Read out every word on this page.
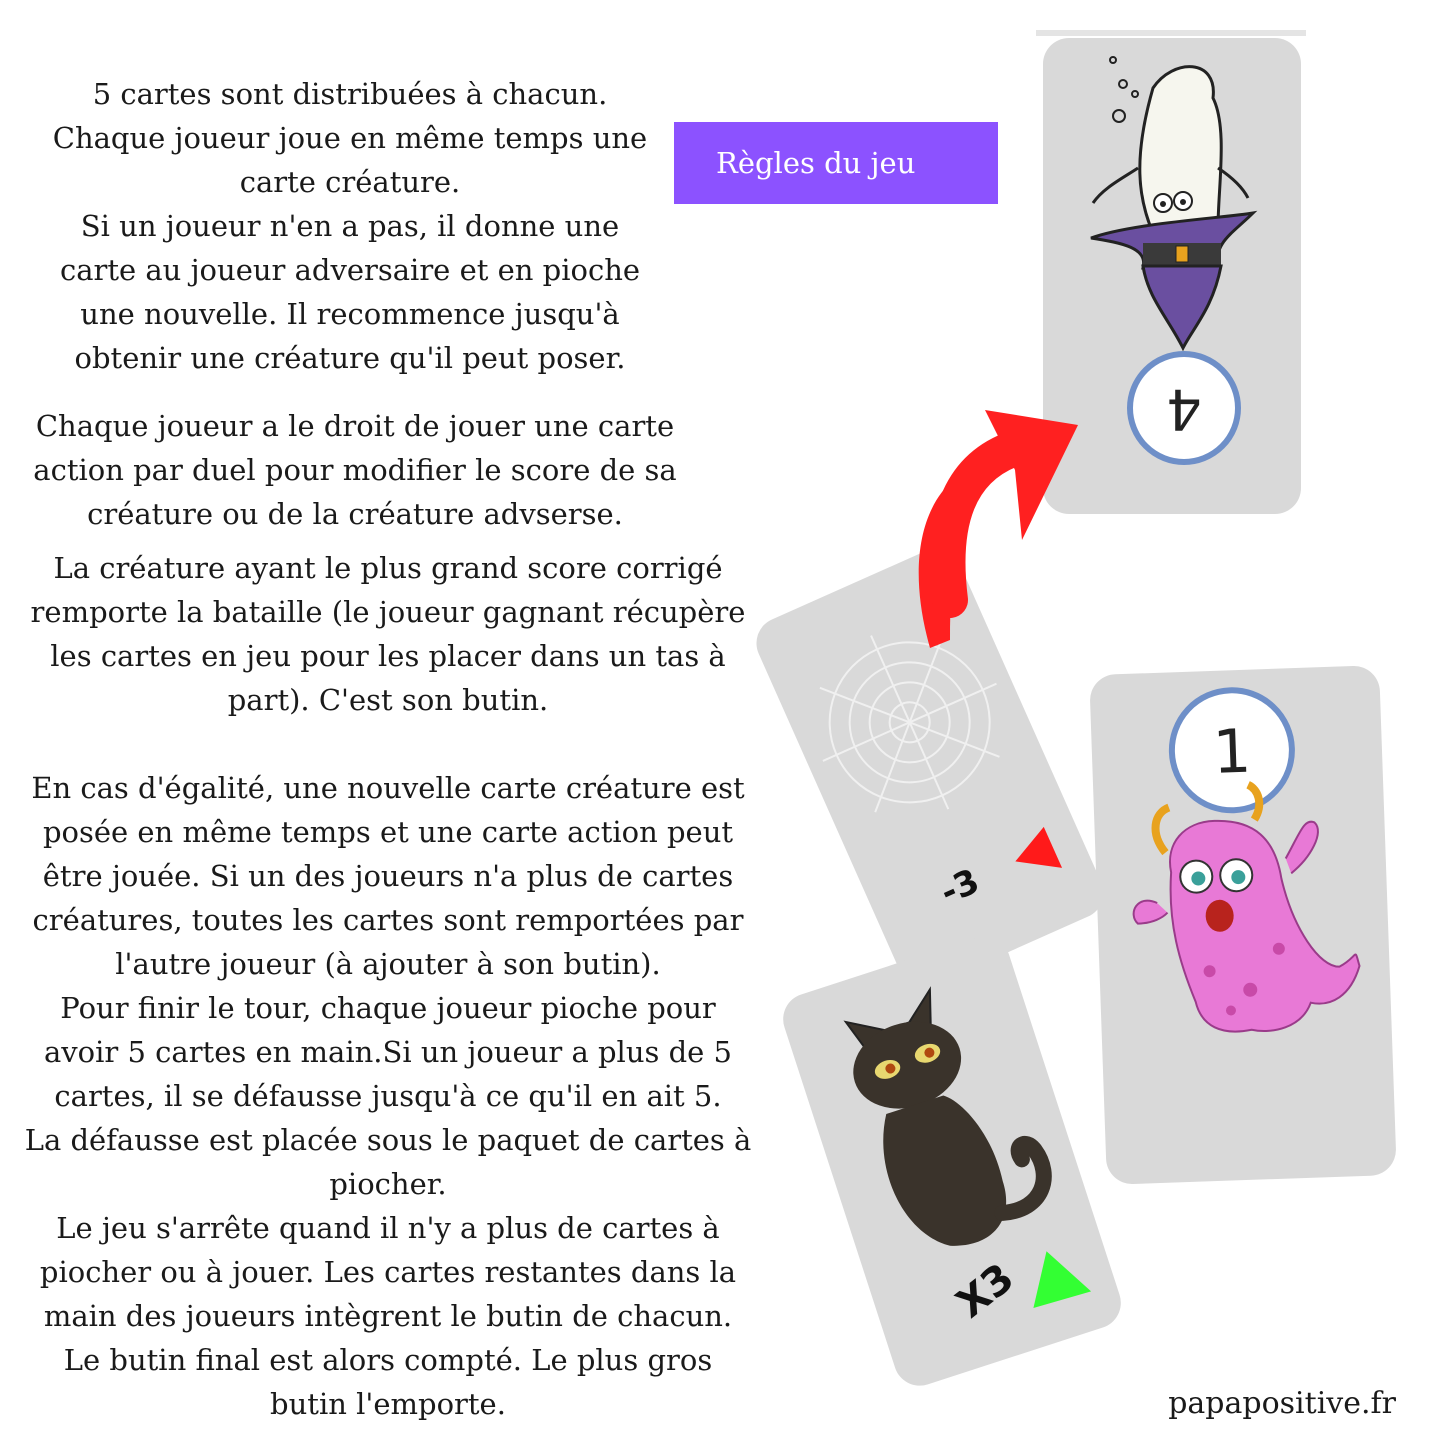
5 cartes sont distribuées à chacun.
Chaque joueur joue en même temps une
carte créature.
Si un joueur n'en a pas, il donne une
carte au joueur adversaire et en pioche
une nouvelle. Il recommence jusqu'à
obtenir une créature qu'il peut poser.

Chaque joueur a le droit de jouer une carte
action par duel pour modifier le score de sa
créature ou de la créature advserse.

La créature ayant le plus grand score corrigé
remporte la bataille (le joueur gagnant récupère
les cartes en jeu pour les placer dans un tas à
part). C'est son butin.

En cas d'égalité, une nouvelle carte créature est
posée en même temps et une carte action peut
être jouée. Si un des joueurs n'a plus de cartes
créatures, toutes les cartes sont remportées par
l'autre joueur (à ajouter à son butin).
Pour finir le tour, chaque joueur pioche pour
avoir 5 cartes en main.Si un joueur a plus de 5
cartes, il se défausse jusqu'à ce qu'il en ait 5.
La défausse est placée sous le paquet de cartes à
piocher.
Le jeu s'arrête quand il n'y a plus de cartes à
piocher ou à jouer. Les cartes restantes dans la
main des joueurs intègrent le butin de chacun.
Le butin final est alors compté. Le plus gros
butin l'emporte.

Règles du jeu
4
-3
1
X3
papapositive.fr
